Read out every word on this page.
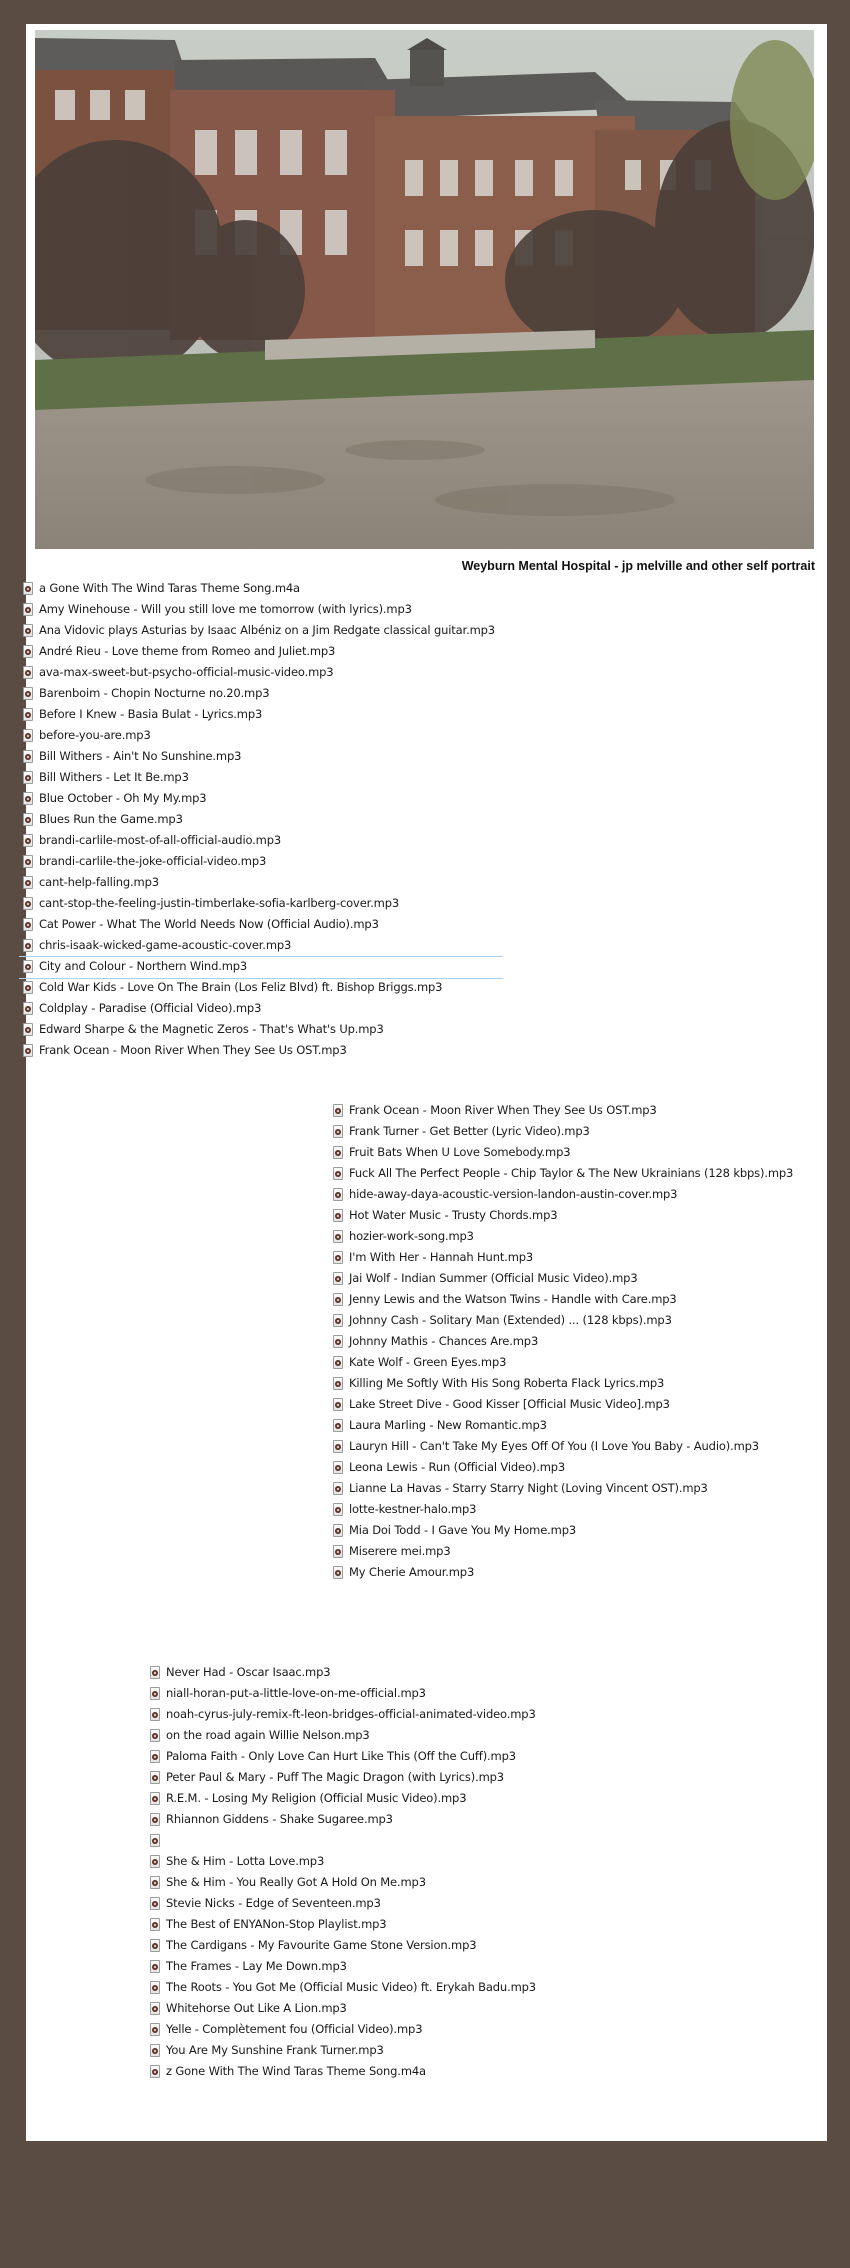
Weyburn Mental Hospital - jp melville and other self portrait
a Gone With The Wind Taras Theme Song.m4a
Amy Winehouse - Will you still love me tomorrow (with lyrics).mp3
Ana Vidovic plays Asturias by Isaac Albéniz on a Jim Redgate classical guitar.mp3
André Rieu - Love theme from Romeo and Juliet.mp3
ava-max-sweet-but-psycho-official-music-video.mp3
Barenboim - Chopin Nocturne no.20.mp3
Before I Knew - Basia Bulat - Lyrics.mp3
before-you-are.mp3
Bill Withers - Ain't No Sunshine.mp3
Bill Withers - Let It Be.mp3
Blue October - Oh My My.mp3
Blues Run the Game.mp3
brandi-carlile-most-of-all-official-audio.mp3
brandi-carlile-the-joke-official-video.mp3
cant-help-falling.mp3
cant-stop-the-feeling-justin-timberlake-sofia-karlberg-cover.mp3
Cat Power - What The World Needs Now (Official Audio).mp3
chris-isaak-wicked-game-acoustic-cover.mp3
City and Colour - Northern Wind.mp3
Cold War Kids - Love On The Brain (Los Feliz Blvd) ft. Bishop Briggs.mp3
Coldplay - Paradise (Official Video).mp3
Edward Sharpe & the Magnetic Zeros - That's What's Up.mp3
Frank Ocean - Moon River When They See Us OST.mp3
Frank Ocean - Moon River When They See Us OST.mp3
Frank Turner - Get Better (Lyric Video).mp3
Fruit Bats When U Love Somebody.mp3
Fuck All The Perfect People - Chip Taylor & The New Ukrainians (128 kbps).mp3
hide-away-daya-acoustic-version-landon-austin-cover.mp3
Hot Water Music - Trusty Chords.mp3
hozier-work-song.mp3
I'm With Her - Hannah Hunt.mp3
Jai Wolf - Indian Summer (Official Music Video).mp3
Jenny Lewis and the Watson Twins - Handle with Care.mp3
Johnny Cash - Solitary Man (Extended) ... (128 kbps).mp3
Johnny Mathis - Chances Are.mp3
Kate Wolf - Green Eyes.mp3
Killing Me Softly With His Song Roberta Flack Lyrics.mp3
Lake Street Dive - Good Kisser [Official Music Video].mp3
Laura Marling - New Romantic.mp3
Lauryn Hill - Can't Take My Eyes Off Of You (I Love You Baby - Audio).mp3
Leona Lewis - Run (Official Video).mp3
Lianne La Havas - Starry Starry Night (Loving Vincent OST).mp3
lotte-kestner-halo.mp3
Mia Doi Todd - I Gave You My Home.mp3
Miserere mei.mp3
My Cherie Amour.mp3
Never Had - Oscar Isaac.mp3
niall-horan-put-a-little-love-on-me-official.mp3
noah-cyrus-july-remix-ft-leon-bridges-official-animated-video.mp3
on the road again Willie Nelson.mp3
Paloma Faith - Only Love Can Hurt Like This (Off the Cuff).mp3
Peter Paul & Mary - Puff The Magic Dragon (with Lyrics).mp3
R.E.M. - Losing My Religion (Official Music Video).mp3
Rhiannon Giddens - Shake Sugaree.mp3
She & Him - Lotta Love.mp3
She & Him - You Really Got A Hold On Me.mp3
Stevie Nicks - Edge of Seventeen.mp3
The Best of ENYANon-Stop Playlist.mp3
The Cardigans - My Favourite Game Stone Version.mp3
The Frames - Lay Me Down.mp3
The Roots - You Got Me (Official Music Video) ft. Erykah Badu.mp3
Whitehorse Out Like A Lion.mp3
Yelle - Complètement fou (Official Video).mp3
You Are My Sunshine Frank Turner.mp3
z Gone With The Wind Taras Theme Song.m4a
